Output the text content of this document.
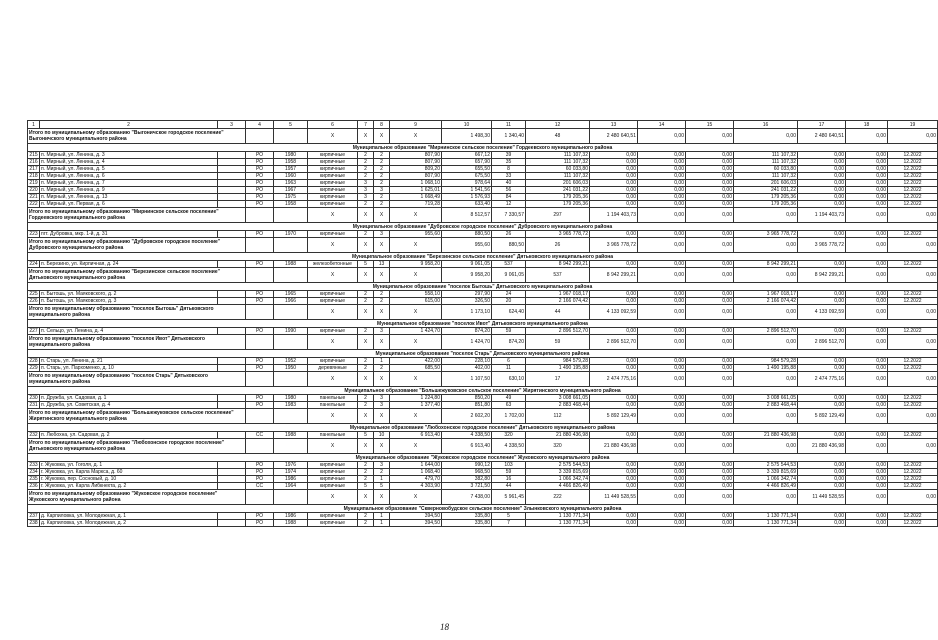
1	2	3	4	5	6	7	8	9	10	11	12	13	14	15	16	17	18	19
Итого по муниципальному образованию "Выгоничское городское поселение" Выгоничского муниципального района					X	X	X	X	1 498,30	1 340,40	48	2 480 640,51	0,00	0,00	0,00	2 480 640,51	0,00	0,00
Муниципальное образование "Мирнинское сельское поселение" Гордеевского муниципального района																		
215	п. Мирный, ул. Ленина, д. 3		РО	1980	кирпичные	2	2	807,90	667,12	39	111 107,32	0,00	0,00	0,00	111 107,32	0,00	0,00	12.2022
216	п. Мирный, ул. Ленина, д. 4		РО	1958	кирпичные	2	2	807,90	657,90	35	111 107,32	0,00	0,00	0,00	111 107,32	0,00	0,00	12.2022
217	п. Мирный, ул. Ленина, д. 5		РО	1957	кирпичные	2	2	809,20	655,50	8	60 033,80	0,00	0,00	0,00	60 033,80	0,00	0,00	12.2022
218	п. Мирный, ул. Ленина, д. 6		РО	1960	кирпичные	2	2	807,90	675,50	33	111 107,32	0,00	0,00	0,00	111 107,32	0,00	0,00	12.2022
219	п. Мирный, ул. Ленина, д. 7		РО	1963	кирпичные	3	2	1 068,10	978,64	40	201 606,03	0,00	0,00	0,00	201 606,03	0,00	0,00	12.2022
220	п. Мирный, ул. Ленина, д. 9		РО	1967	кирпичные	3	3	1 625,01	1 541,56	56	241 031,22	0,00	0,00	0,00	241 031,22	0,00	0,00	12.2022
221	п. Мирный, ул. Ленина, д. 13		РО	1975	кирпичные	3	2	1 668,49	1 576,93	84	179 205,36	0,00	0,00	0,00	179 205,36	0,00	0,00	12.2022
222	п. Мирный, ул. Первая, д. 6		РО	1958	кирпичные	2	2	719,28	633,40	12	179 205,36	0,00	0,00	0,00	179 205,36	0,00	0,00	12.2022
Итого по муниципальному образованию "Мирнинское сельское поселение" Гордеевского муниципального района					X	X	X	X	8 512,57	7 330,57	297	1 194 403,73	0,00	0,00	0,00	1 194 403,73	0,00	0,00
Муниципальное образование "Дубровское городское поселение" Дубровского муниципального района																		
223	пгт. Дубровка, мкр. 1-й, д. 31		РО	1970	кирпичные	2	3	955,60	880,50	26	3 965 778,72	0,00	0,00	0,00	3 965 778,72	0,00	0,00	12.2022
Итого по муниципальному образованию "Дубровское городское поселение" Дубровского муниципального района					X	X	X	X	955,60	880,50	26	3 965 778,72	0,00	0,00	0,00	3 965 778,72	0,00	0,00
Муниципальное образование "Березинское сельское поселение" Дятьковского муниципального района																		
224	п. Березино, ул. Кирпичная, д. 24		РО	1988	железобетонные	5	13	9 958,20	9 061,05	537	8 942 299,21	0,00	0,00	0,00	8 942 299,21	0,00	0,00	12.2022
Итого по муниципальному образованию "Березинское сельское поселение" Дятьковского муниципального района					X	X	X	X	9 958,20	9 061,05	537	8 942 299,21	0,00	0,00	0,00	8 942 299,21	0,00	0,00
Муниципальное образование "поселок Бытошь" Дятьковского муниципального района																		
225	п. Бытошь, ул. Маяковского, д. 2		РО	1965	кирпичные	2	2	558,10	297,90	24	1 967 018,17	0,00	0,00	0,00	1 967 018,17	0,00	0,00	12.2022
226	п. Бытошь, ул. Маяковского, д. 3		РО	1966	кирпичные	2	2	615,00	326,50	20	2 166 074,42	0,00	0,00	0,00	2 166 074,42	0,00	0,00	12.2022
Итого по муниципальному образованию "поселок Бытошь" Дятьковского муниципального района					X	X	X	X	1 173,10	624,40	44	4 133 092,59	0,00	0,00	0,00	4 133 092,59	0,00	0,00
Муниципальное образование "поселок Ивот" Дятьковского муниципального района																		
227	п. Сельцо, ул. Ленина, д. 4		РО	1990	кирпичные	2	3	1 424,70	874,20	59	2 896 512,70	0,00	0,00	0,00	2 896 512,70	0,00	0,00	12.2022
Итого по муниципальному образованию "поселок Ивот" Дятьковского муниципального района					X	X	X	X	1 424,70	874,20	59	2 896 512,70	0,00	0,00	0,00	2 896 512,70	0,00	0,00
Муниципальное образование "поселок Старь" Дятьковского муниципального района																		
228	п. Старь, ул. Ленина, д. 21		РО	1952	кирпичные	2	1	422,00	228,10	6	984 579,28	0,00	0,00	0,00	984 579,28	0,00	0,00	12.2022
229	п. Старь, ул. Пархоменко, д. 10		РО	1950	деревянные	2	2	685,50	402,00	11	1 490 195,88	0,00	0,00	0,00	1 490 195,88	0,00	0,00	12.2022
Итого по муниципальному образованию "поселок Старь" Дятьковского муниципального района					X	X	X	X	1 107,50	630,10	17	2 474 775,16	0,00	0,00	0,00	2 474 775,16	0,00	0,00
Муниципальное образование "Большежуковское сельское поселение" Жирятинского муниципального района																		
230	п. Дружба, ул. Садовая, д. 1		РО	1980	панельные	2	3	1 224,80	850,20	49	3 008 661,05	0,00	0,00	0,00	3 008 661,05	0,00	0,00	12.2022
231	п. Дружба, ул. Советская, д. 4		РО	1983	панельные	2	3	1 377,40	851,80	63	2 883 468,44	0,00	0,00	0,00	2 883 468,44	0,00	0,00	12.2022
Итого по муниципальному образованию "Большежуковское сельское поселение" Жирятинского муниципального района					X	X	X	X	2 602,20	1 702,00	112	5 892 129,49	0,00	0,00	0,00	5 892 129,49	0,00	0,00
Муниципальное образование "Любохонское городское поселение" Дятьковского муниципального района																		
232	п. Любохна, ул. Садовая, д. 2		СС	1988	панельные	5	10	6 913,40	4 338,50	320	21 880 436,98	0,00	0,00	0,00	21 880 436,98	0,00	0,00	12.2022
Итого по муниципальному образованию "Любохонское городское поселение" Дятьковского муниципального района					X	X	X	X	6 913,40	4 338,50	320	21 880 436,98	0,00	0,00	0,00	21 880 436,98	0,00	0,00
Муниципальное образование "Жуковское городское поселение" Жуковского муниципального района																		
233	г. Жуковка, ул. Гоголя, д. 1		РО	1976	кирпичные	2	3	1 644,00	990,12	103	2 575 544,53	0,00	0,00	0,00	2 575 544,53	0,00	0,00	12.2022
234	г. Жуковка, ул. Карла Маркса, д. 60		РО	1974	кирпичные	2	2	1 068,40	968,50	59	3 339 815,69	0,00	0,00	0,00	3 339 815,69	0,00	0,00	12.2022
235	г. Жуковка, пер. Сосновый, д. 10		РО	1986	кирпичные	2	1	479,70	382,80	16	1 066 342,74	0,00	0,00	0,00	1 066 342,74	0,00	0,00	12.2022
236	г. Жуковка, ул. Карла Либкнехта, д. 2		СС	1964	кирпичные	5	5	4 303,90	3 721,50	44	4 466 826,49	0,00	0,00	0,00	4 466 826,49	0,00	0,00	12.2022
Итого по муниципальному образованию "Жуковское городское поселение" Жуковского муниципального района					X	X	X	X	7 438,00	5 961,45	222	11 449 528,55	0,00	0,00	0,00	11 449 528,55	0,00	0,00
Муниципальное образование "Скверновобудское сельское поселение" Злынковского муниципального района																		
237	д. Карпиловка, ул. Молодежная, д. 1		РО	1986	кирпичные	2	1	394,50	335,80	5	1 130 771,34	0,00	0,00	0,00	1 130 771,34	0,00	0,00	12.2022
238	д. Карпиловка, ул. Молодежная, д. 2		РО	1988	кирпичные	2	1	394,50	335,80	7	1 130 771,34	0,00	0,00	0,00	1 130 771,34	0,00	0,00	12.2022
18
